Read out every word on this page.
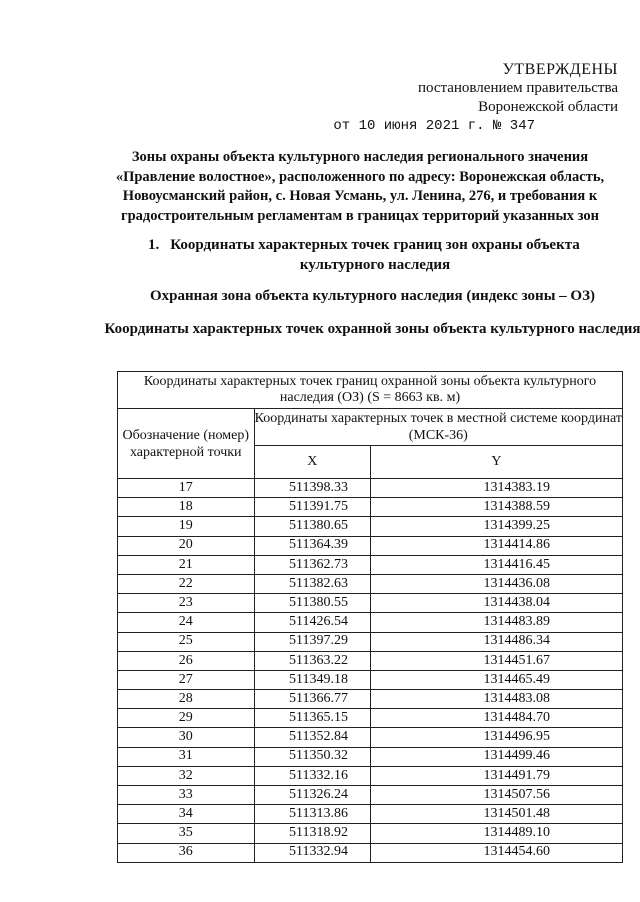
УТВЕРЖДЕНЫ
постановлением правительства
Воронежской области
от 10 июня 2021 г. № 347
Зоны охраны объекта культурного наследия регионального значения «Правление волостное», расположенного по адресу: Воронежская область, Новоусманский район, с. Новая Усмань, ул. Ленина, 276, и требования к градостроительным регламентам в границах территорий указанных зон
1. Координаты характерных точек границ зон охраны объекта культурного наследия
Охранная зона объекта культурного наследия (индекс зоны – ОЗ)
Координаты характерных точек охранной зоны объекта культурного наследия
Координаты характерных точек границ охранной зоны объекта культурного наследия (ОЗ) (S = 8663 кв. м)		
Обозначение (номер) характерной точки	Координаты характерных точек в местной системе координат (МСК-36)	
	X	Y
17	511398.33	1314383.19
18	511391.75	1314388.59
19	511380.65	1314399.25
20	511364.39	1314414.86
21	511362.73	1314416.45
22	511382.63	1314436.08
23	511380.55	1314438.04
24	511426.54	1314483.89
25	511397.29	1314486.34
26	511363.22	1314451.67
27	511349.18	1314465.49
28	511366.77	1314483.08
29	511365.15	1314484.70
30	511352.84	1314496.95
31	511350.32	1314499.46
32	511332.16	1314491.79
33	511326.24	1314507.56
34	511313.86	1314501.48
35	511318.92	1314489.10
36	511332.94	1314454.60
